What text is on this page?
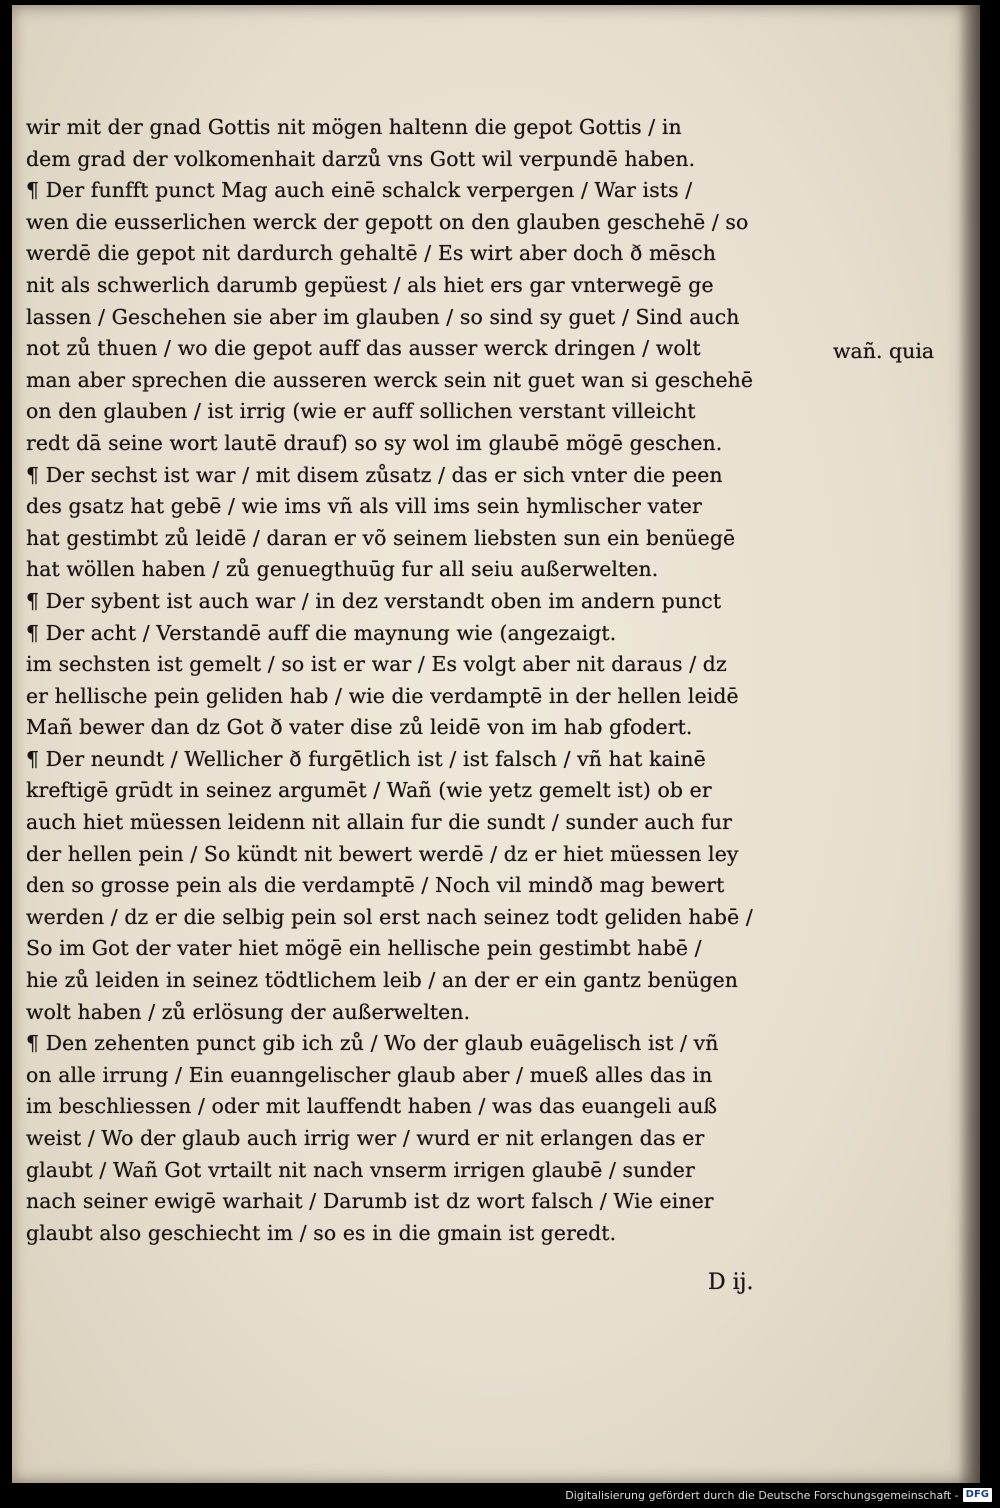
wir mit der gnad Gottis nit mögen haltenn die gepot Gottis / in
dem grad der volkomenhait darzů vns Gott wil verpundē haben.
¶ Der funfft punct Mag auch einē schalck verpergen / War ists /
wen die eusserlichen werck der gepott on den glauben geschehē / so
werdē die gepot nit dardurch gehaltē / Es wirt aber doch ð mēsch
nit als schwerlich darumb gepüest / als hiet ers gar vnterwegē ge
lassen / Geschehen sie aber im glauben / so sind sy guet / Sind auch
not zů thuen / wo die gepot auff das ausser werck dringen / wolt
man aber sprechen die ausseren werck sein nit guet wan si geschehē
on den glauben / ist irrig (wie er auff sollichen verstant villeicht
redt dā seine wort lautē drauf) so sy wol im glaubē mögē geschen.
¶ Der sechst ist war / mit disem zůsatz / das er sich vnter die peen
des gsatz hat gebē / wie ims vñ als vill ims sein hymlischer vater
hat gestimbt zů leidē / daran er võ seinem liebsten sun ein benüegē
hat wöllen haben / zů genuegthuūg fur all seiu außerwelten.
¶ Der sybent ist auch war / in dez verstandt oben im andern punct
¶ Der acht / Verstandē auff die maynung wie (angezaigt.
im sechsten ist gemelt / so ist er war / Es volgt aber nit daraus / dz
er hellische pein geliden hab / wie die verdamptē in der hellen leidē
Mañ bewer dan dz Got ð vater dise zů leidē von im hab gfodert.
¶ Der neundt / Wellicher ð furgētlich ist / ist falsch / vñ hat kainē
kreftigē grūdt in seinez argumēt / Wañ (wie yetz gemelt ist) ob er
auch hiet müessen leidenn nit allain fur die sundt / sunder auch fur
der hellen pein / So kündt nit bewert werdē / dz er hiet müessen ley
den so grosse pein als die verdamptē / Noch vil mindð mag bewert
werden / dz er die selbig pein sol erst nach seinez todt geliden habē /
So im Got der vater hiet mögē ein hellische pein gestimbt habē /
hie zů leiden in seinez tödtlichem leib / an der er ein gantz benügen
wolt haben / zů erlösung der außerwelten.
¶ Den zehenten punct gib ich zů / Wo der glaub euāgelisch ist / vñ
on alle irrung / Ein euanngelischer glaub aber / mueß alles das in
im beschliessen / oder mit lauffendt haben / was das euangeli auß
weist / Wo der glaub auch irrig wer / wurd er nit erlangen das er
glaubt / Wañ Got vrtailt nit nach vnserm irrigen glaubē / sunder
nach seiner ewigē warhait / Darumb ist dz wort falsch / Wie einer
glaubt also geschiecht im / so es in die gmain ist geredt.
wañ. quia
D ij.
Digitalisierung gefördert durch die Deutsche Forschungsgemeinschaft - DFG
